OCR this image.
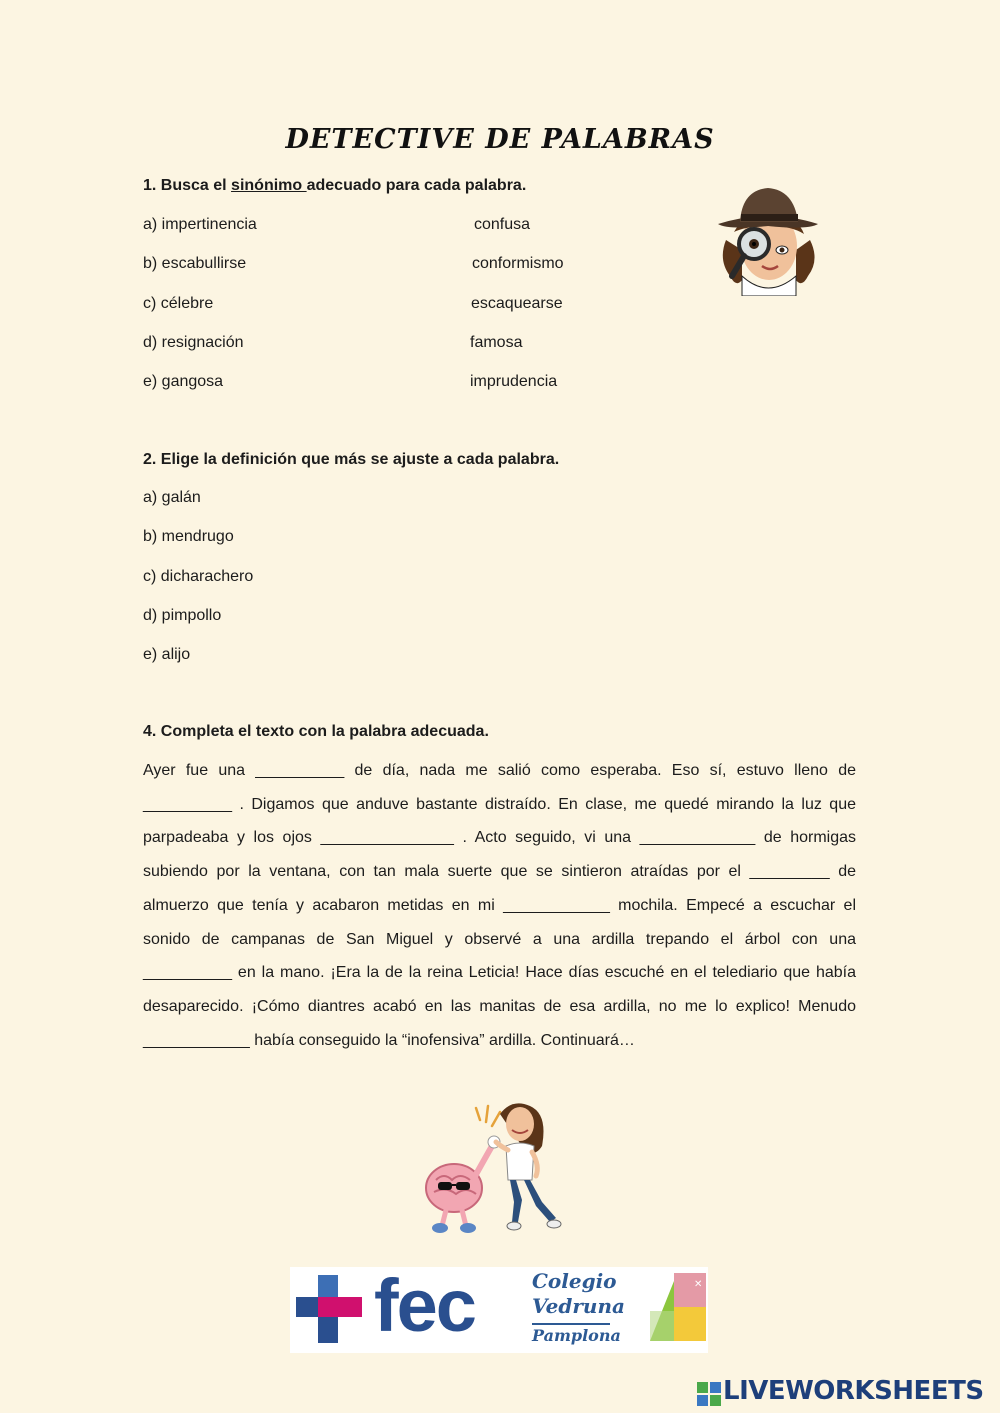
DETECTIVE DE PALABRAS
1. Busca el sinónimo adecuado para cada palabra.
a) impertinencia
b) escabullirse
c) célebre
d) resignación
e) gangosa
confusa
conformismo
escaquearse
famosa
imprudencia
2. Elige la definición que más se ajuste a cada palabra.
a) galán
b) mendrugo
c) dicharachero
d) pimpollo
e) alijo
4. Completa el texto con la palabra adecuada.
Ayer fue una __________ de día, nada me salió como esperaba. Eso sí, estuvo lleno de
__________ . Digamos que anduve bastante distraído. En clase, me quedé mirando la luz que
parpadeaba y los ojos _______________ . Acto seguido, vi una _____________ de hormigas
subiendo por la ventana, con tan mala suerte que se sintieron atraídas por el _________ de
almuerzo que tenía y acabaron metidas en mi ____________ mochila. Empecé a escuchar el
sonido de campanas de San Miguel y observé a una ardilla trepando el árbol con una
__________ en la mano. ¡Era la de la reina Leticia! Hace días escuché en el telediario que había
desaparecido. ¡Cómo diantres acabó en las manitas de esa ardilla, no me lo explico! Menudo
____________ había conseguido la “inofensiva” ardilla. Continuará…
fec	Colegio
Vedruna
Pamplona
✕
LIVEWORKSHEETS
